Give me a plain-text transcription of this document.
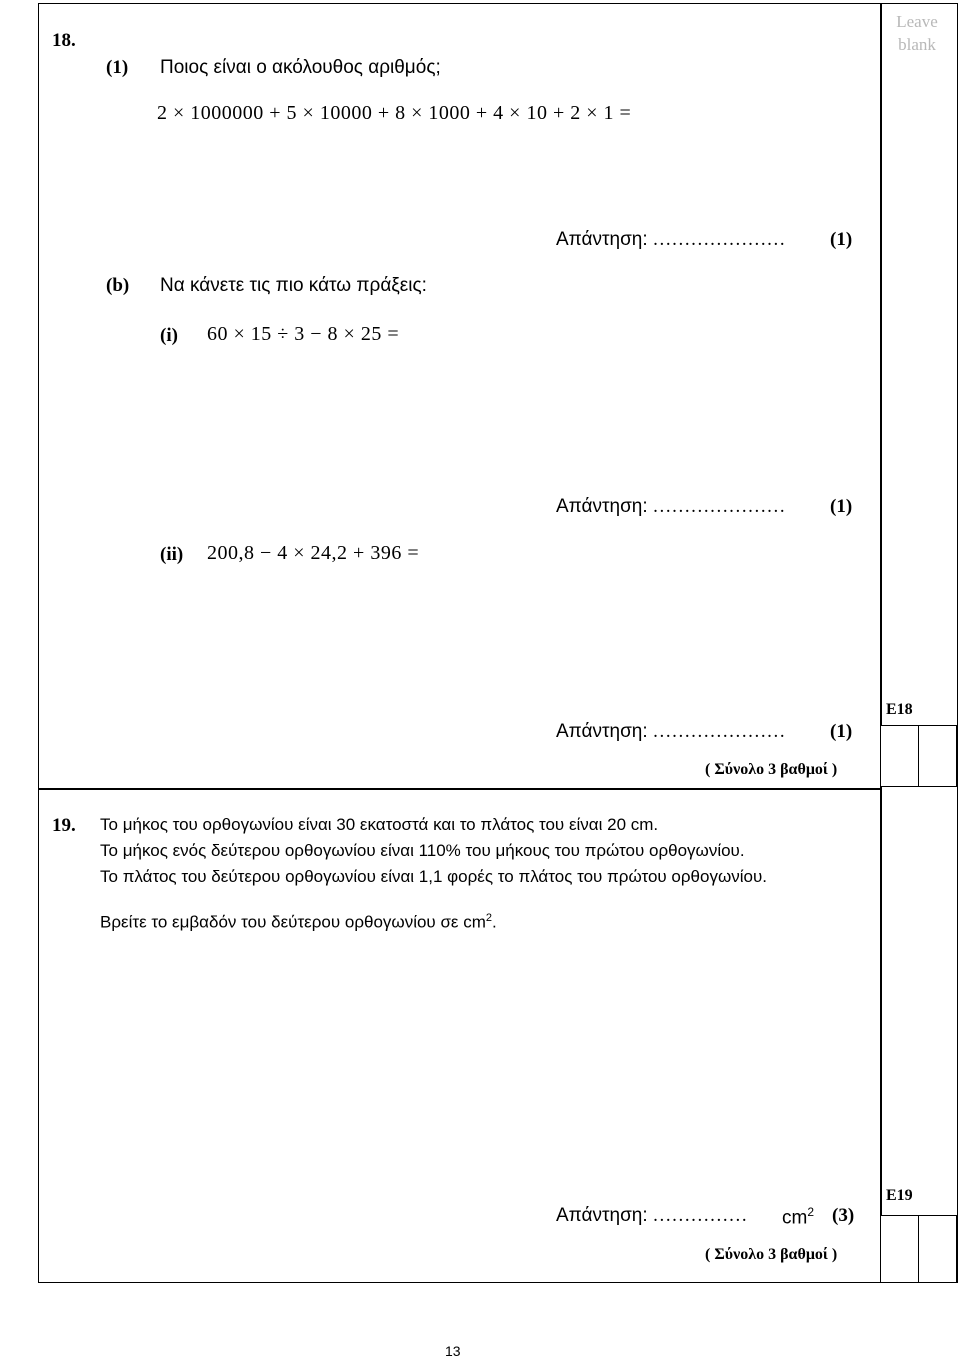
Leave
blank
18.
(1) Ποιος είναι ο ακόλουθος αριθμός;
2 × 1000000 + 5 × 10000 + 8 × 1000 + 4 × 10 + 2 × 1 =
Απάντηση: ………………… (1)
(b) Να κάνετε τις πιο κάτω πράξεις:
(i) 60 × 15 ÷ 3 − 8 × 25 =
Απάντηση: ………………… (1)
(ii) 200,8 − 4 × 24,2 + 396 =
Απάντηση: ………………… (1)
( Σύνολο 3 βαθμοί )
E18
19. Το μήκος του ορθογωνίου είναι 30 εκατοστά και το πλάτος του είναι 20 cm.
Το μήκος ενός δεύτερου ορθογωνίου είναι 110% του μήκους του πρώτου ορθογωνίου.
Το πλάτος του δεύτερου ορθογωνίου είναι 1,1 φορές το πλάτος του πρώτου ορθογωνίου.
Βρείτε το εμβαδόν του δεύτερου ορθογωνίου σε $cm^2$.
Απάντηση: …………… $cm^2$ (3)
( Σύνολο 3 βαθμοί )
E19
13
